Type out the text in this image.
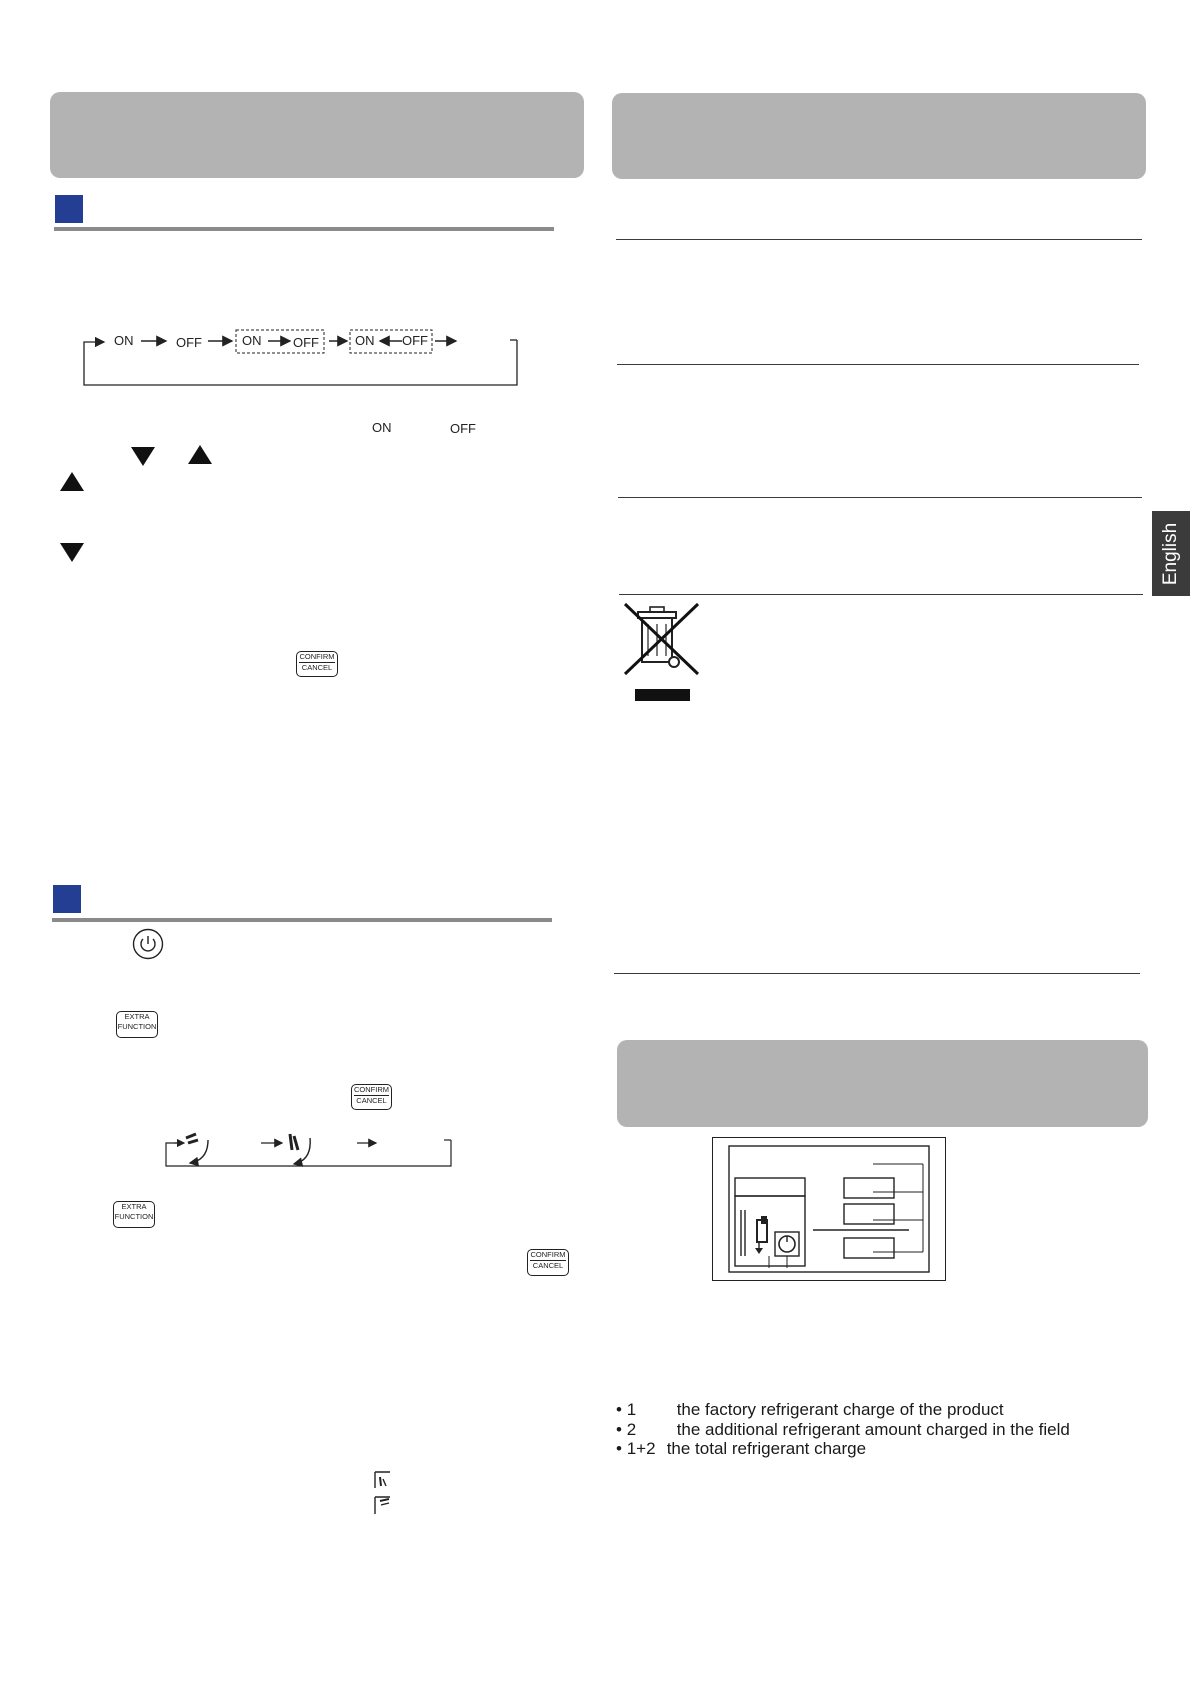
ON	OFF	ON OFF	ON OFF
ON	OFF
CONFIRM
CANCEL
EXTRA
FUNCTION
CONFIRM
CANCEL
EXTRA
FUNCTION
CONFIRM
CANCEL
• 1 the factory refrigerant charge of the product
• 2 the additional refrigerant amount charged in the field
• 1+2 the total refrigerant charge
English
